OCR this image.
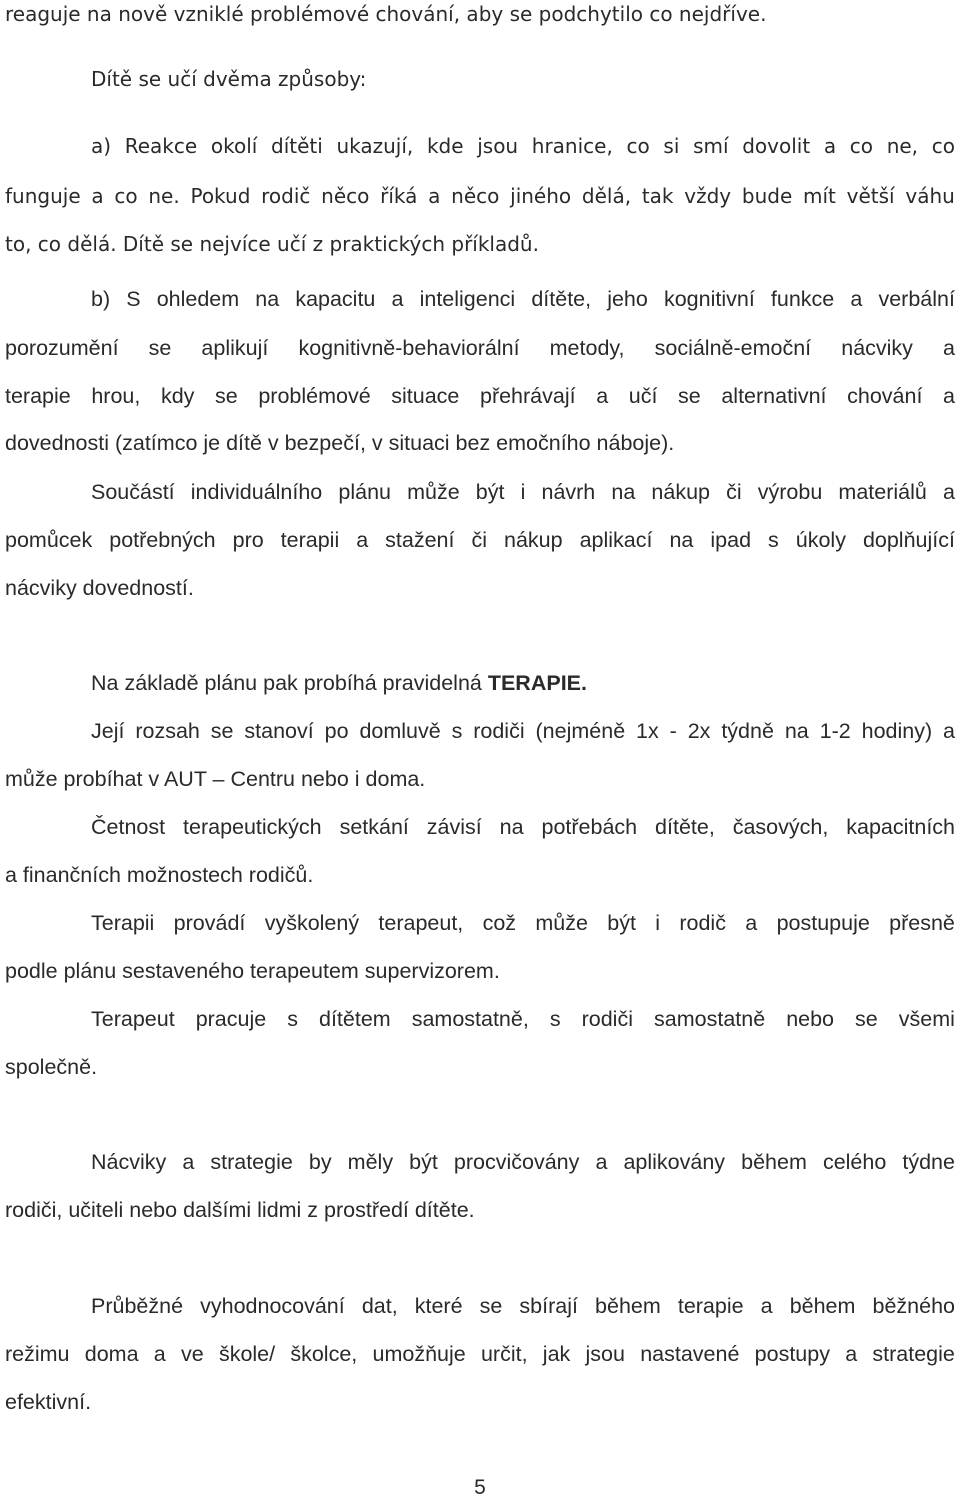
reaguje na nově vzniklé problémové chování, aby se podchytilo co nejdříve.

Dítě se učí dvěma způsoby:

a) Reakce okolí dítěti ukazují, kde jsou hranice, co si smí dovolit a co ne, co

funguje a co ne. Pokud rodič něco říká a něco jiného dělá, tak vždy bude mít větší váhu

to, co dělá. Dítě se nejvíce učí z praktických příkladů.

b) S ohledem na kapacitu a inteligenci dítěte, jeho kognitivní funkce a verbální

porozumění se aplikují kognitivně-behaviorální metody, sociálně-emoční nácviky a

terapie hrou, kdy se problémové situace přehrávají a učí se alternativní chování a

dovednosti (zatímco je dítě v bezpečí, v situaci bez emočního náboje).

Součástí individuálního plánu může být i návrh na nákup či výrobu materiálů a

pomůcek potřebných pro terapii a stažení či nákup aplikací na ipad s úkoly doplňující

nácviky dovedností.

Na základě plánu pak probíhá pravidelná TERAPIE.

Její rozsah se stanoví po domluvě s rodiči (nejméně 1x - 2x týdně na 1-2 hodiny) a

může probíhat v AUT – Centru nebo i doma.

Četnost terapeutických setkání závisí na potřebách dítěte, časových, kapacitních

a finančních možnostech rodičů.

Terapii provádí vyškolený terapeut, což může být i rodič a postupuje přesně

podle plánu sestaveného terapeutem supervizorem.

Terapeut pracuje s dítětem samostatně, s rodiči samostatně nebo se všemi

společně.

Nácviky a strategie by měly být procvičovány a aplikovány během celého týdne

rodiči, učiteli nebo dalšími lidmi z prostředí dítěte.

Průběžné vyhodnocování dat, které se sbírají během terapie a během běžného

režimu doma a ve škole/ školce, umožňuje určit, jak jsou nastavené postupy a strategie

efektivní.

5
